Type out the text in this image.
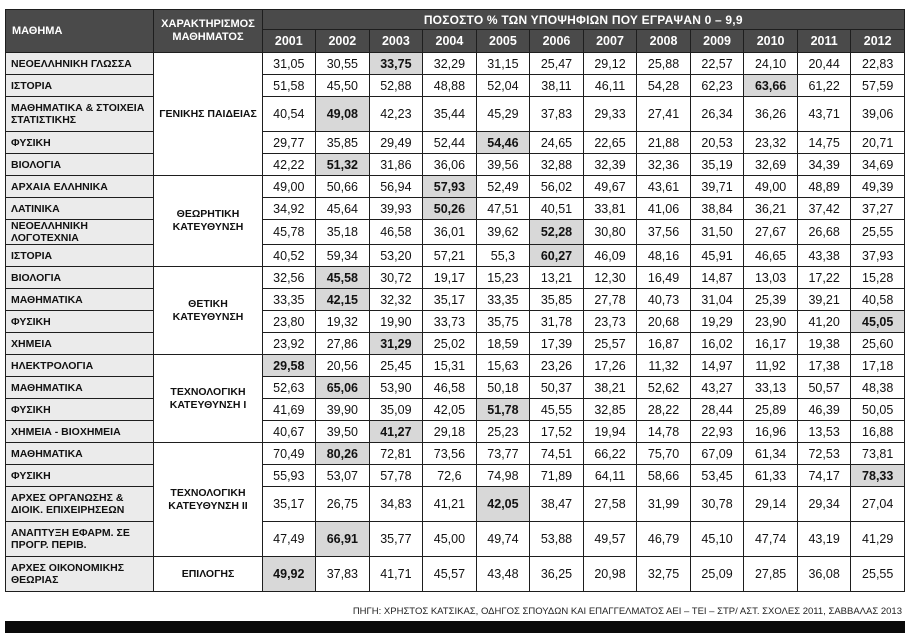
ΜΑΘΗΜΑ	ΧΑΡΑΚΤΗΡΙΣΜΟΣ ΜΑΘΗΜΑΤΟΣ	ΠΟΣΟΣΤΟ % ΤΩΝ ΥΠΟΨΗΦΙΩΝ ΠΟΥ ΕΓΡΑΨΑΝ 0 – 9,9											
		2001	2002	2003	2004	2005	2006	2007	2008	2009	2010	2011	2012
ΝΕΟΕΛΛΗΝΙΚΗ ΓΛΩΣΣΑ	ΓΕΝΙΚΗΣ ΠΑΙΔΕΙΑΣ	31,05	30,55	33,75	32,29	31,15	25,47	29,12	25,88	22,57	24,10	20,44	22,83
ΙΣΤΟΡΙΑ		51,58	45,50	52,88	48,88	52,04	38,11	46,11	54,28	62,23	63,66	61,22	57,59
ΜΑΘΗΜΑΤΙΚΑ & ΣΤΟΙΧΕΙΑ ΣΤΑΤΙΣΤΙΚΗΣ		40,54	49,08	42,23	35,44	45,29	37,83	29,33	27,41	26,34	36,26	43,71	39,06
ΦΥΣΙΚΗ		29,77	35,85	29,49	52,44	54,46	24,65	22,65	21,88	20,53	23,32	14,75	20,71
ΒΙΟΛΟΓΙΑ		42,22	51,32	31,86	36,06	39,56	32,88	32,39	32,36	35,19	32,69	34,39	34,69
ΑΡΧΑΙΑ ΕΛΛΗΝΙΚΑ	ΘΕΩΡΗΤΙΚΗ ΚΑΤΕΥΘΥΝΣΗ	49,00	50,66	56,94	57,93	52,49	56,02	49,67	43,61	39,71	49,00	48,89	49,39
ΛΑΤΙΝΙΚΑ		34,92	45,64	39,93	50,26	47,51	40,51	33,81	41,06	38,84	36,21	37,42	37,27
ΝΕΟΕΛΛΗΝΙΚΗ ΛΟΓΟΤΕΧΝΙΑ		45,78	35,18	46,58	36,01	39,62	52,28	30,80	37,56	31,50	27,67	26,68	25,55
ΙΣΤΟΡΙΑ		40,52	59,34	53,20	57,21	55,3	60,27	46,09	48,16	45,91	46,65	43,38	37,93
ΒΙΟΛΟΓΙΑ	ΘΕΤΙΚΗ ΚΑΤΕΥΘΥΝΣΗ	32,56	45,58	30,72	19,17	15,23	13,21	12,30	16,49	14,87	13,03	17,22	15,28
ΜΑΘΗΜΑΤΙΚΑ		33,35	42,15	32,32	35,17	33,35	35,85	27,78	40,73	31,04	25,39	39,21	40,58
ΦΥΣΙΚΗ		23,80	19,32	19,90	33,73	35,75	31,78	23,73	20,68	19,29	23,90	41,20	45,05
ΧΗΜΕΙΑ		23,92	27,86	31,29	25,02	18,59	17,39	25,57	16,87	16,02	16,17	19,38	25,60
ΗΛΕΚΤΡΟΛΟΓΙΑ	ΤΕΧΝΟΛΟΓΙΚΗ ΚΑΤΕΥΘΥΝΣΗ Ι	29,58	20,56	25,45	15,31	15,63	23,26	17,26	11,32	14,97	11,92	17,38	17,18
ΜΑΘΗΜΑΤΙΚΑ		52,63	65,06	53,90	46,58	50,18	50,37	38,21	52,62	43,27	33,13	50,57	48,38
ΦΥΣΙΚΗ		41,69	39,90	35,09	42,05	51,78	45,55	32,85	28,22	28,44	25,89	46,39	50,05
ΧΗΜΕΙΑ - ΒΙΟΧΗΜΕΙΑ		40,67	39,50	41,27	29,18	25,23	17,52	19,94	14,78	22,93	16,96	13,53	16,88
ΜΑΘΗΜΑΤΙΚΑ	ΤΕΧΝΟΛΟΓΙΚΗ ΚΑΤΕΥΘΥΝΣΗ ΙΙ	70,49	80,26	72,81	73,56	73,77	74,51	66,22	75,70	67,09	61,34	72,53	73,81
ΦΥΣΙΚΗ		55,93	53,07	57,78	72,6	74,98	71,89	64,11	58,66	53,45	61,33	74,17	78,33
ΑΡΧΕΣ ΟΡΓΑΝΩΣΗΣ & ΔΙΟΙΚ. ΕΠΙΧΕΙΡΗΣΕΩΝ		35,17	26,75	34,83	41,21	42,05	38,47	27,58	31,99	30,78	29,14	29,34	27,04
ΑΝΑΠΤΥΞΗ ΕΦΑΡΜ. ΣΕ ΠΡΟΓΡ. ΠΕΡΙΒ.		47,49	66,91	35,77	45,00	49,74	53,88	49,57	46,79	45,10	47,74	43,19	41,29
ΑΡΧΕΣ ΟΙΚΟΝΟΜΙΚΗΣ ΘΕΩΡΙΑΣ	ΕΠΙΛΟΓΗΣ	49,92	37,83	41,71	45,57	43,48	36,25	20,98	32,75	25,09	27,85	36,08	25,55
ΠΗΓΗ: ΧΡΗΣΤΟΣ ΚΑΤΣΙΚΑΣ, ΟΔΗΓΟΣ ΣΠΟΥΔΩΝ ΚΑΙ ΕΠΑΓΓΕΛΜΑΤΟΣ ΑΕΙ – ΤΕΙ – ΣΤΡ/ ΑΣΤ. ΣΧΟΛΕΣ 2011, ΣΑΒΒΑΛΑΣ 2013
